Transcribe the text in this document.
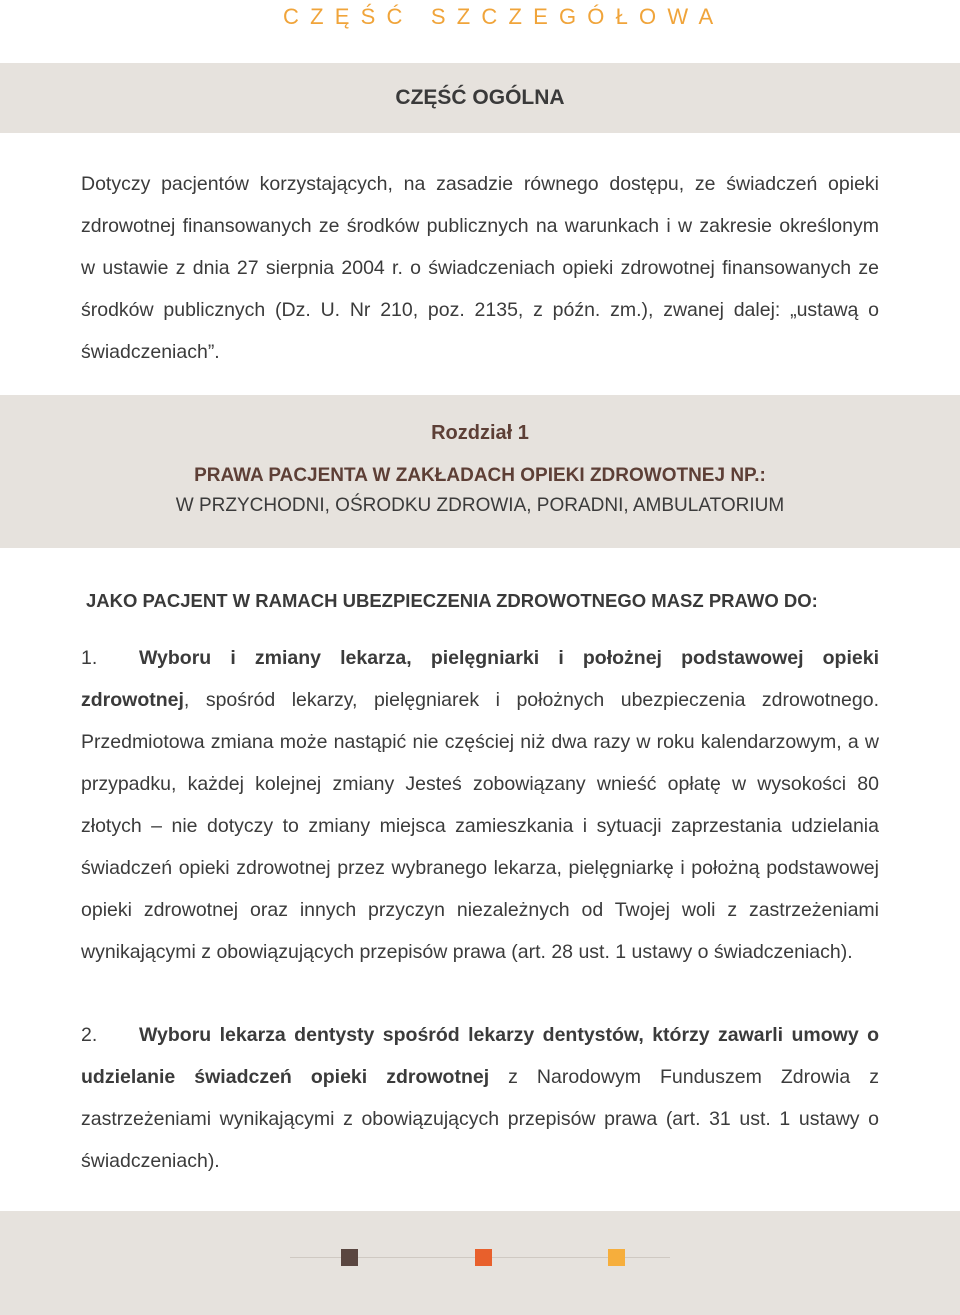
CZĘŚĆ SZCZEGÓŁOWA
CZĘŚĆ OGÓLNA
Dotyczy pacjentów korzystających, na zasadzie równego dostępu, ze świadczeń opieki zdrowotnej finansowanych ze środków publicznych na warunkach i w zakresie określonym w ustawie z dnia 27 sierpnia 2004 r. o świadczeniach opieki zdrowotnej finansowanych ze środków publicznych (Dz. U. Nr 210, poz. 2135, z późn. zm.), zwanej dalej: „ustawą o świadczeniach”.
Rozdział 1
PRAWA PACJENTA W ZAKŁADACH OPIEKI ZDROWOTNEJ NP.:
W PRZYCHODNI, OŚRODKU ZDROWIA, PORADNI, AMBULATORIUM
JAKO PACJENT W RAMACH UBEZPIECZENIA ZDROWOTNEGO MASZ PRAWO DO:
1. Wyboru i zmiany lekarza, pielęgniarki i położnej podstawowej opieki zdrowotnej, spośród lekarzy, pielęgniarek i położnych ubezpieczenia zdrowotnego. Przedmiotowa zmiana może nastąpić nie częściej niż dwa razy w roku kalendarzowym, a w przypadku, każdej kolejnej zmiany Jesteś zobowiązany wnieść opłatę w wysokości 80 złotych – nie dotyczy to zmiany miejsca zamieszkania i sytuacji zaprzestania udzielania świadczeń opieki zdrowotnej przez wybranego lekarza, pielęgniarkę i położną podstawowej opieki zdrowotnej oraz innych przyczyn niezależnych od Twojej woli z zastrzeżeniami wynikającymi z obowiązujących przepisów prawa (art. 28 ust. 1 ustawy o świadczeniach).
2. Wyboru lekarza dentysty spośród lekarzy dentystów, którzy zawarli umowy o udzielanie świadczeń opieki zdrowotnej z Narodowym Funduszem Zdrowia z zastrzeżeniami wynikającymi z obowiązujących przepisów prawa (art. 31 ust. 1 ustawy o świadczeniach).
